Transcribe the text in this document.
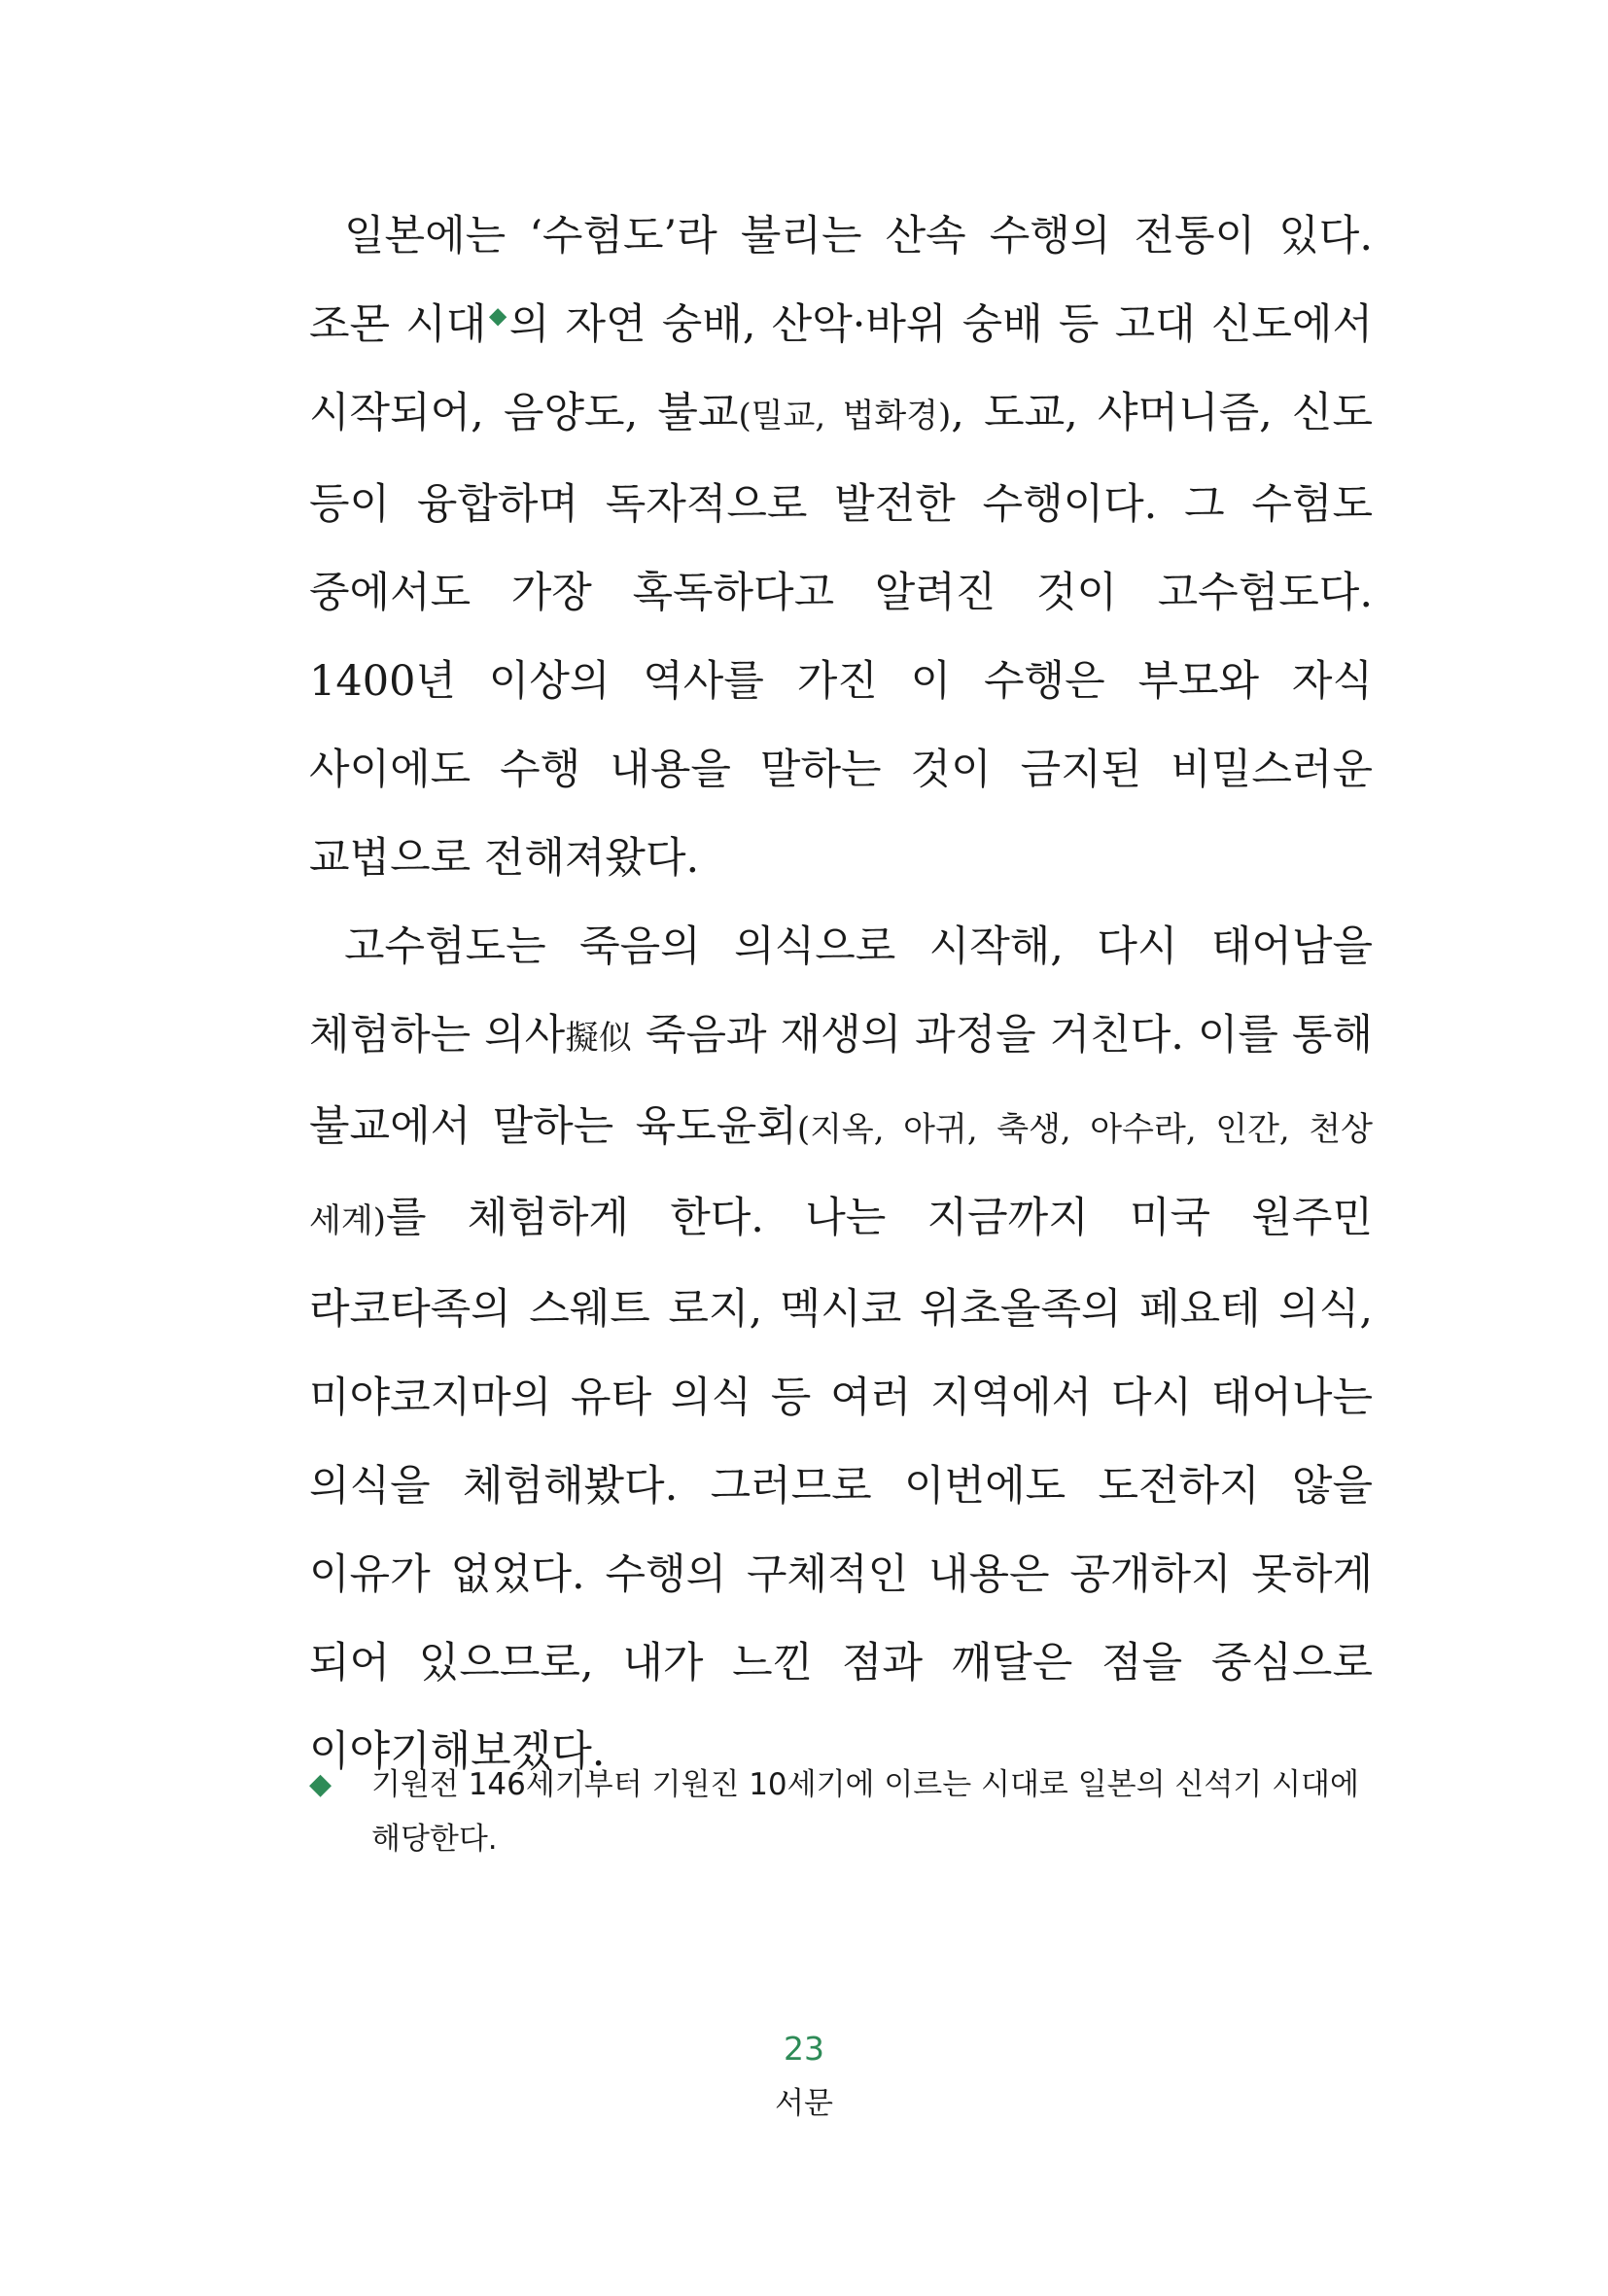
일본에는 ‘수험도’라 불리는 산속 수행의 전통이 있다. 조몬 시대◆의 자연 숭배, 산악·바위 숭배 등 고대 신도에서 시작되어, 음양도, 불교(밀교, 법화경), 도교, 샤머니즘, 신도 등이 융합하며 독자적으로 발전한 수행이다. 그 수험도 중에서도 가장 혹독하다고 알려진 것이 고수험도다. 1400년 이상의 역사를 가진 이 수행은 부모와 자식 사이에도 수행 내용을 말하는 것이 금지된 비밀스러운 교법으로 전해져왔다.

고수험도는 죽음의 의식으로 시작해, 다시 태어남을 체험하는 의사擬似 죽음과 재생의 과정을 거친다. 이를 통해 불교에서 말하는 육도윤회(지옥, 아귀, 축생, 아수라, 인간, 천상 세계)를 체험하게 한다. 나는 지금까지 미국 원주민 라코타족의 스웨트 로지, 멕시코 위초올족의 페요테 의식, 미야코지마의 유타 의식 등 여러 지역에서 다시 태어나는 의식을 체험해봤다. 그러므로 이번에도 도전하지 않을 이유가 없었다. 수행의 구체적인 내용은 공개하지 못하게 되어 있으므로, 내가 느낀 점과 깨달은 점을 중심으로 이야기해보겠다.

◆ 기원전 146세기부터 기원진 10세기에 이르는 시대로 일본의 신석기 시대에 해당한다.
23
서문
